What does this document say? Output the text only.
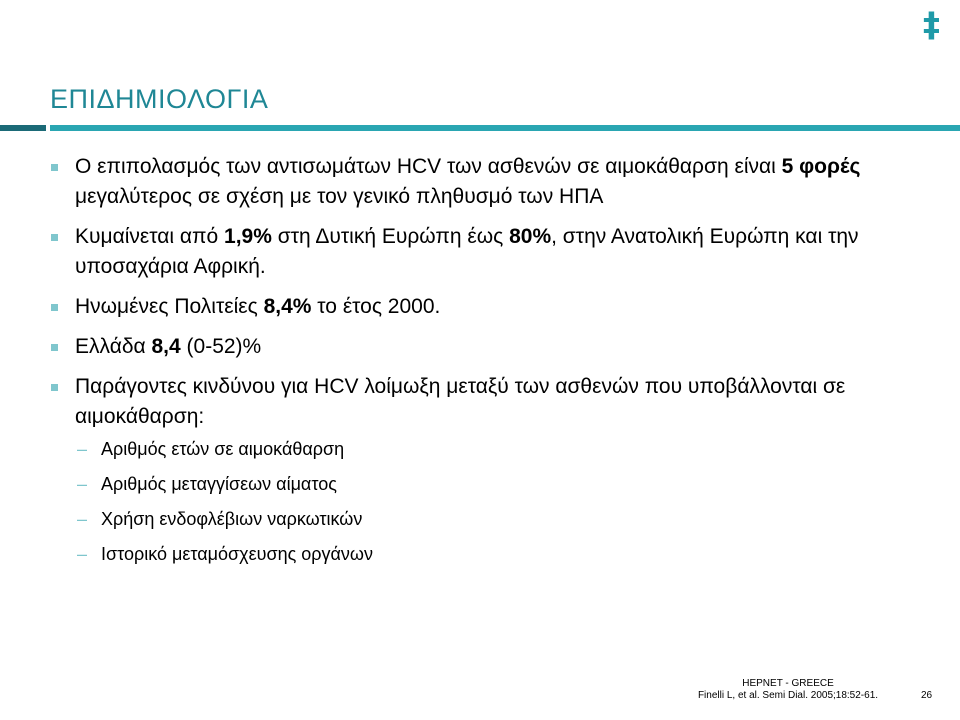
‡
ΕΠΙΔΗΜΙΟΛΟΓΙΑ
Ο επιπολασμός των αντισωμάτων HCV των ασθενών σε αιμοκάθαρση είναι 5 φορές μεγαλύτερος σε σχέση με τον γενικό πληθυσμό των ΗΠΑ
Κυμαίνεται από 1,9% στη Δυτική Ευρώπη έως 80%, στην Ανατολική Ευρώπη και την υποσαχάρια Αφρική.
Ηνωμένες Πολιτείες 8,4% το έτος 2000.
Ελλάδα 8,4 (0-52)%
Παράγοντες κινδύνου για HCV λοίμωξη μεταξύ των ασθενών που υποβάλλονται σε αιμοκάθαρση:
– Αριθμός ετών σε αιμοκάθαρση
– Αριθμός μεταγγίσεων αίματος
– Χρήση ενδοφλέβιων ναρκωτικών
– Ιστορικό μεταμόσχευσης οργάνων
HEPNET - GREECE
Finelli L, et al. Semi Dial. 2005;18:52-61.	26
